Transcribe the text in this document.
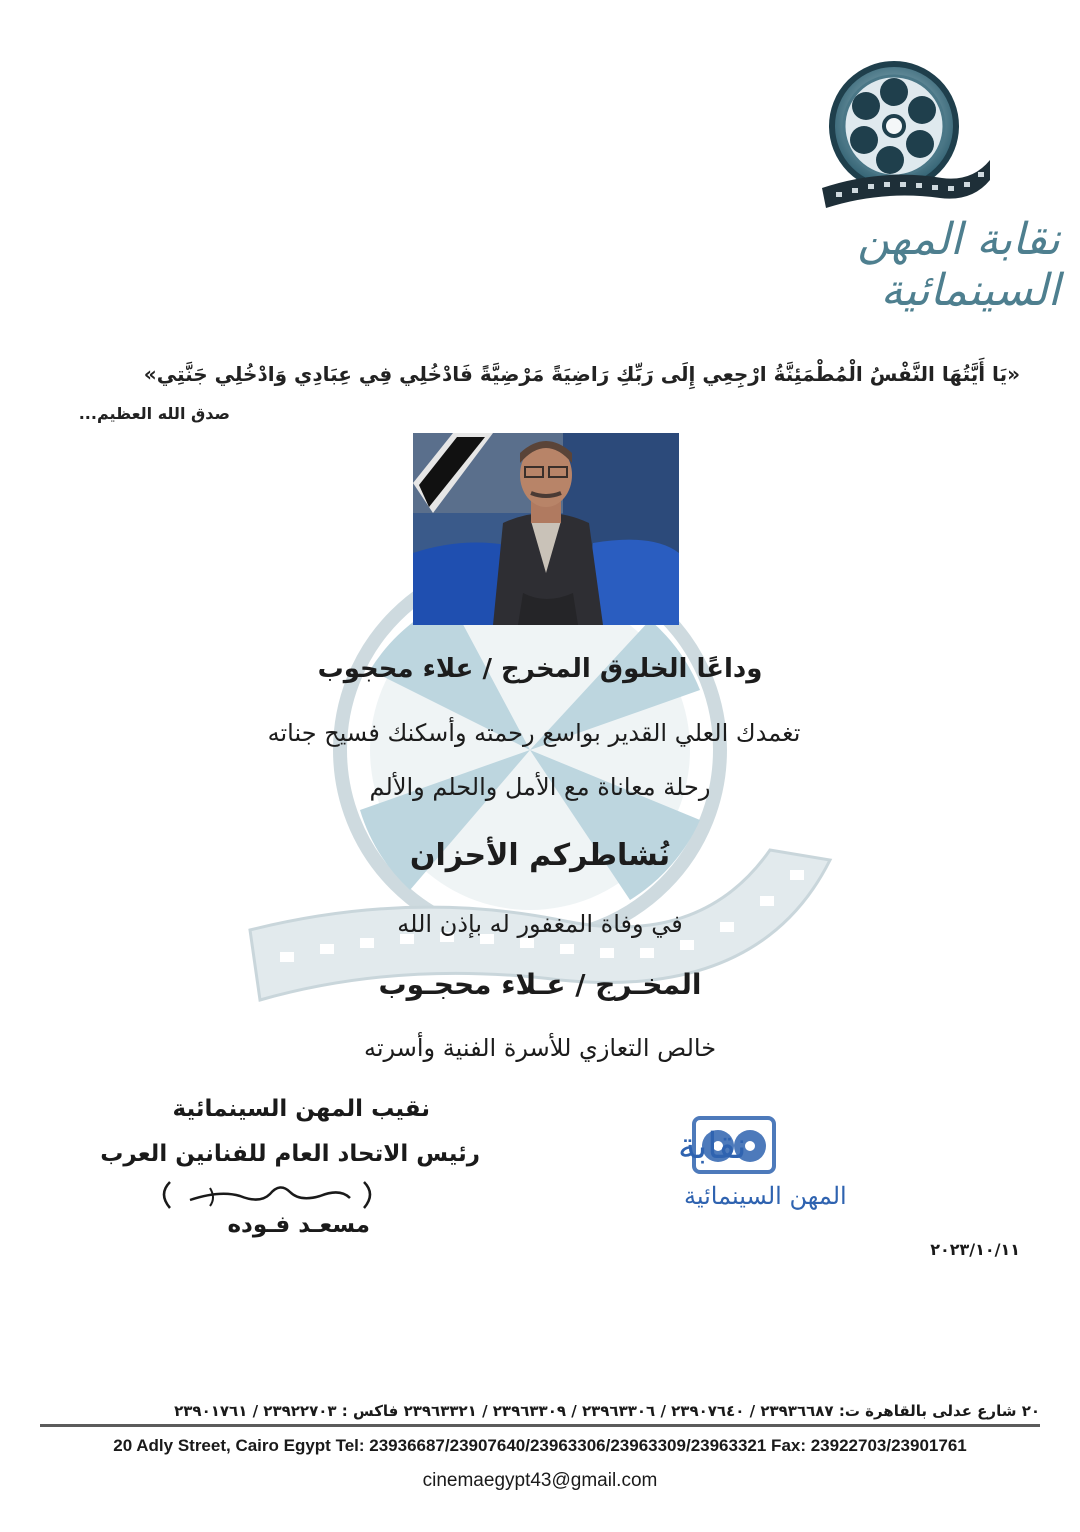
نقابة المهن السينمائية
«يَا أَيَّتُهَا النَّفْسُ الْمُطْمَئِنَّةُ ارْجِعِي إِلَى رَبِّكِ رَاضِيَةً مَرْضِيَّةً فَادْخُلِي فِي عِبَادِي وَادْخُلِي جَنَّتِي»
صدق الله العظيم...
وداعًا الخلوق المخرج / علاء محجوب
تغمدك العلي القدير بواسع رحمته وأسكنك فسيح جناته
رحلة معاناة مع الأمل والحلم والألم
نُشاطركم الأحزان
في وفاة المغفور له بإذن الله
المخـرج / عـلاء محجـوب
خالص التعازي للأسرة الفنية وأسرته
نقيب المهن السينمائية
رئيس الاتحاد العام للفنانين العرب
مسعـد فـوده
نقابة
المهن السينمائية
٢٠٢٣/١٠/١١
٢٠ شارع عدلى بالقاهرة ت: ٢٣٩٣٦٦٨٧ / ٢٣٩٠٧٦٤٠ / ٢٣٩٦٣٣٠٦ / ٢٣٩٦٣٣٠٩ / ٢٣٩٦٣٣٢١ فاكس : ٢٣٩٢٢٧٠٣ / ٢٣٩٠١٧٦١
20 Adly Street, Cairo Egypt Tel: 23936687/23907640/23963306/23963309/23963321 Fax: 23922703/23901761
cinemaegypt43@gmail.com
